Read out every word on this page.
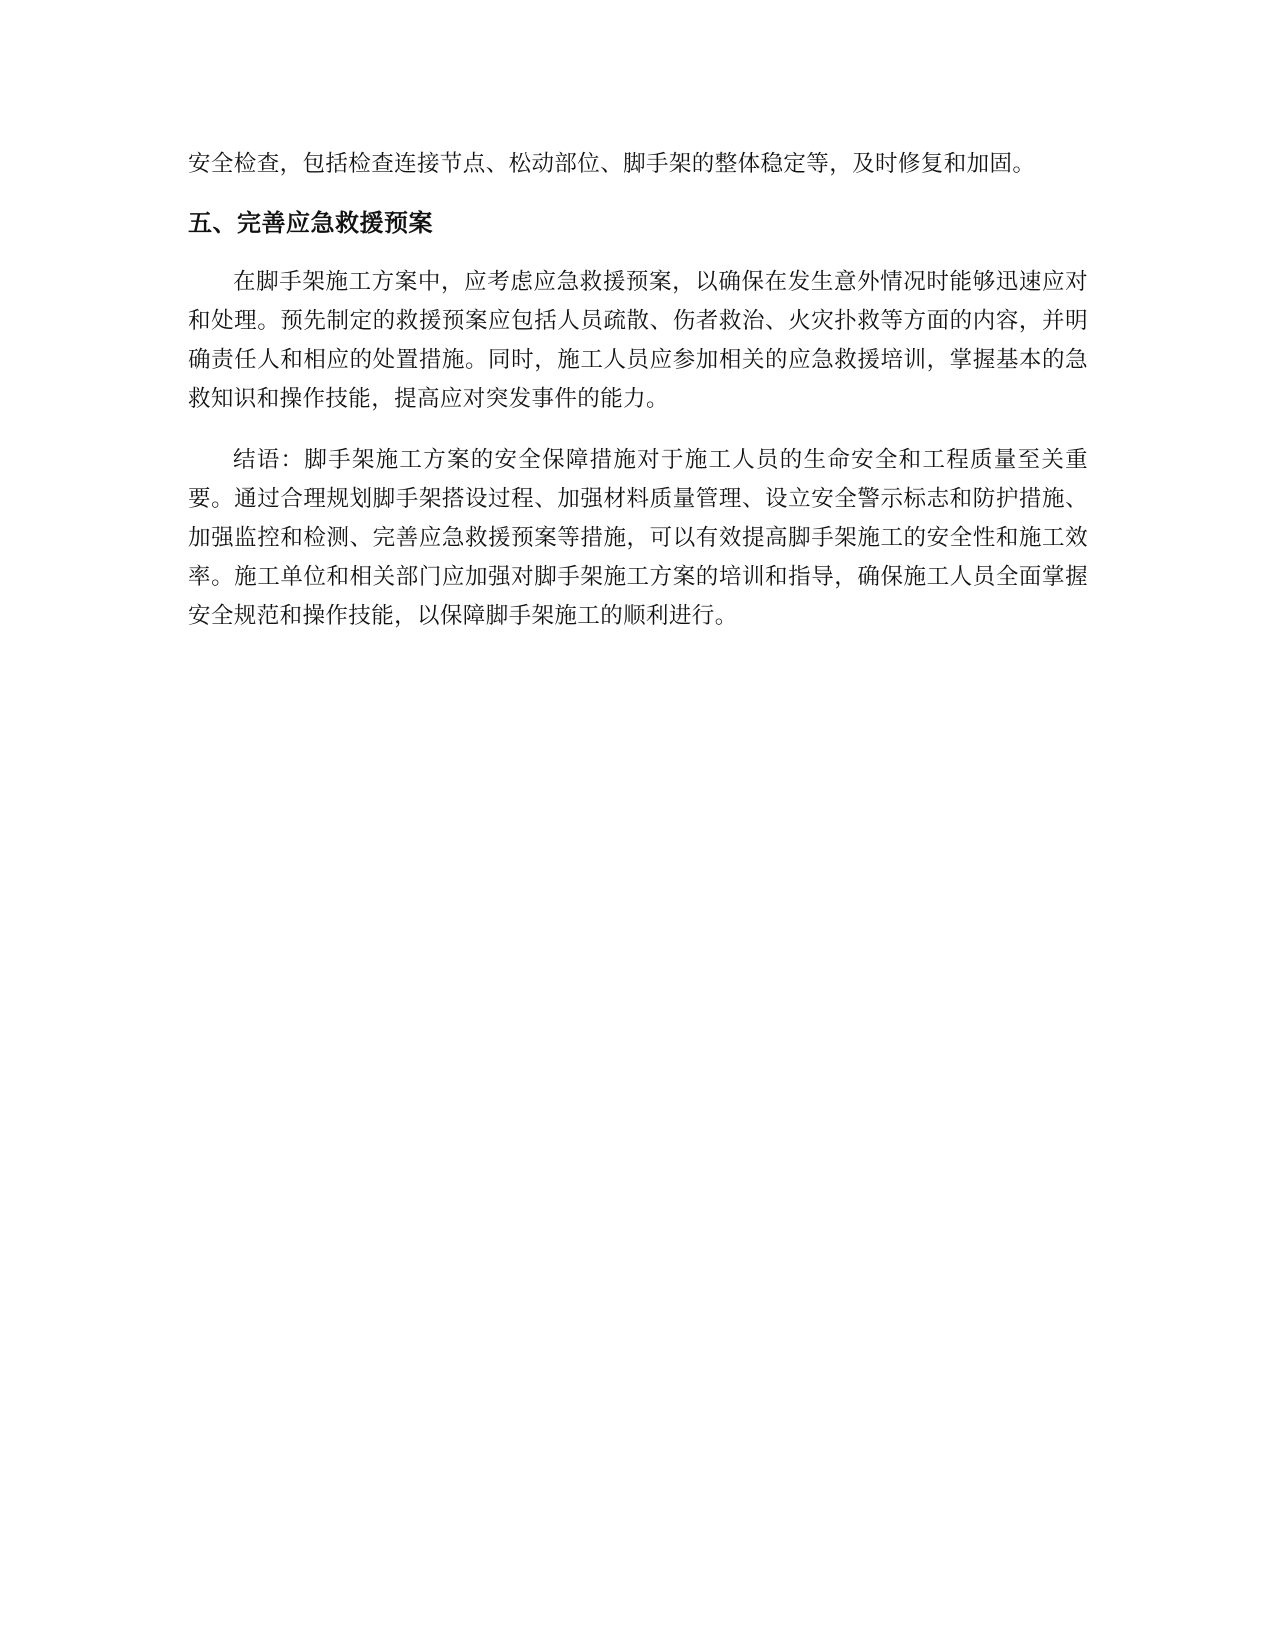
安全检查，包括检查连接节点、松动部位、脚手架的整体稳定等，及时修复和加固。

五、完善应急救援预案

在脚手架施工方案中，应考虑应急救援预案，以确保在发生意外情况时能够迅速应对和处理。预先制定的救援预案应包括人员疏散、伤者救治、火灾扑救等方面的内容，并明确责任人和相应的处置措施。同时，施工人员应参加相关的应急救援培训，掌握基本的急救知识和操作技能，提高应对突发事件的能力。

结语：脚手架施工方案的安全保障措施对于施工人员的生命安全和工程质量至关重要。通过合理规划脚手架搭设过程、加强材料质量管理、设立安全警示标志和防护措施、加强监控和检测、完善应急救援预案等措施，可以有效提高脚手架施工的安全性和施工效率。施工单位和相关部门应加强对脚手架施工方案的培训和指导，确保施工人员全面掌握安全规范和操作技能，以保障脚手架施工的顺利进行。
